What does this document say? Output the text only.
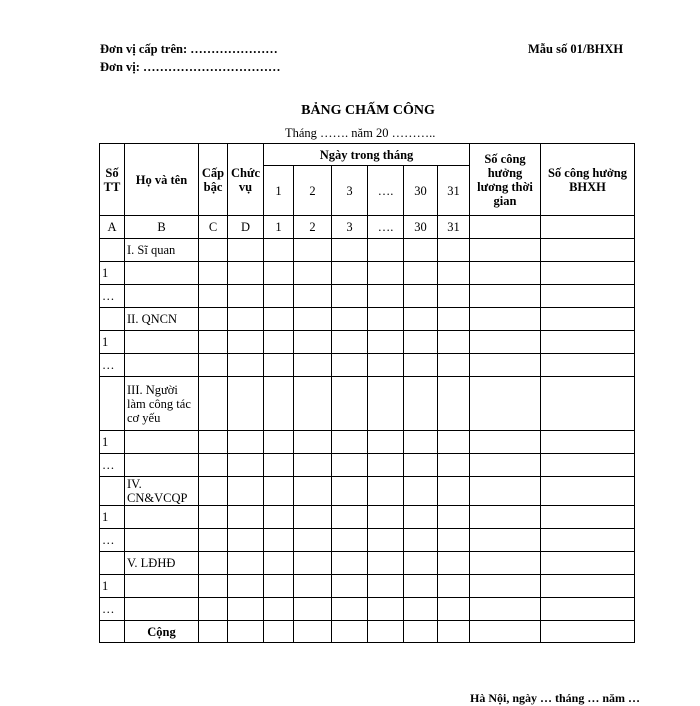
Đơn vị cấp trên: …………………
Đơn vị: ……………………………
Mẫu số 01/BHXH
BẢNG CHẤM CÔNG
Tháng ……. năm 20 ………..
Số TT	Họ và tên	Cấp bậc	Chức vụ	Ngày trong tháng						Số công hưởng lương thời gian	Số công hưởng BHXH
				1	2	3	….	30	31		
A	B	C	D	1	2	3	….	30	31		
	I. Sĩ quan										
1											
…											
	II. QNCN										
1											
…											
	III. Người làm công tác cơ yếu										
1											
…											
	IV. CN&VCQP										
1											
…											
	V. LĐHĐ										
1											
…											
	Cộng										
Hà Nội, ngày … tháng … năm …
